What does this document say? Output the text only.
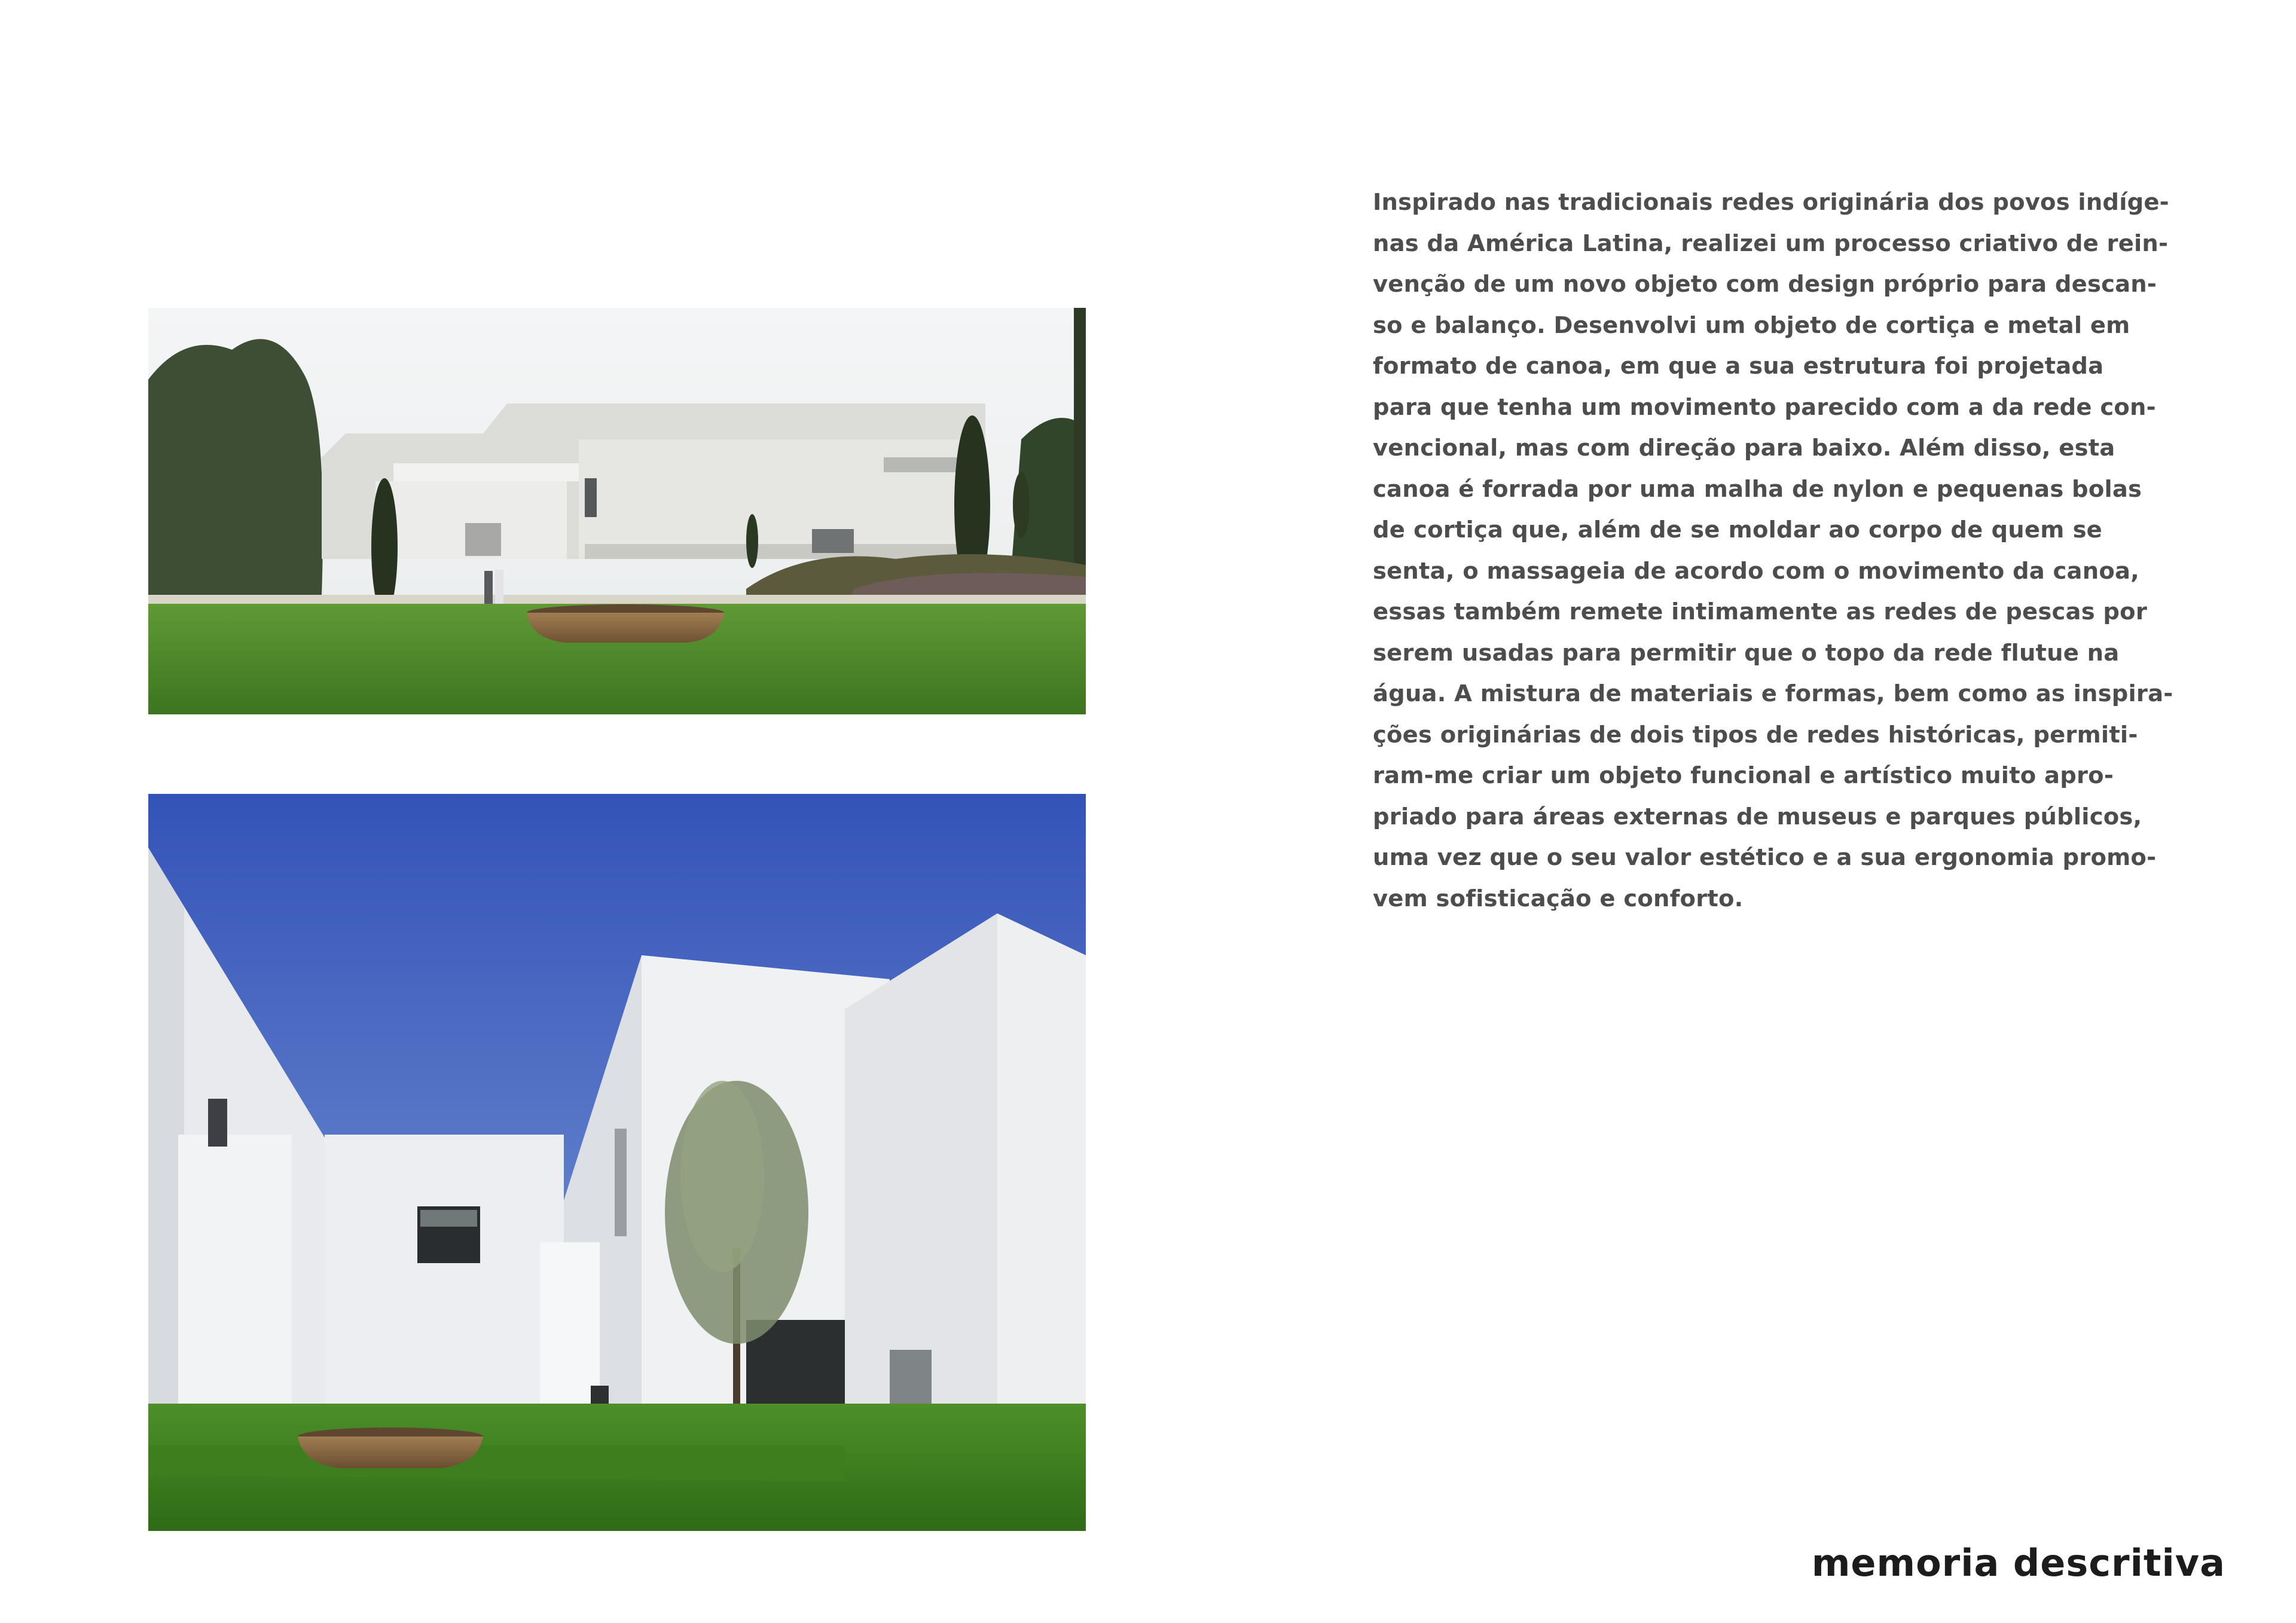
Inspirado nas tradicionais redes originária dos povos indíge-
nas da América Latina, realizei um processo criativo de rein-
venção de um novo objeto com design próprio para descan-
so e balanço. Desenvolvi um objeto de cortiça e metal em
formato de canoa, em que a sua estrutura foi projetada
para que tenha um movimento parecido com a da rede con-
vencional, mas com direção para baixo. Além disso, esta
canoa é forrada por uma malha de nylon e pequenas bolas
de cortiça que, além de se moldar ao corpo de quem se
senta, o massageia de acordo com o movimento da canoa,
essas também remete intimamente as redes de pescas por
serem usadas para permitir que o topo da rede flutue na
água. A mistura de materiais e formas, bem como as inspira-
ções originárias de dois tipos de redes históricas, permiti-
ram-me criar um objeto funcional e artístico muito apro-
priado para áreas externas de museus e parques públicos,
uma vez que o seu valor estético e a sua ergonomia promo-
vem sofisticação e conforto.
memoria descritiva
